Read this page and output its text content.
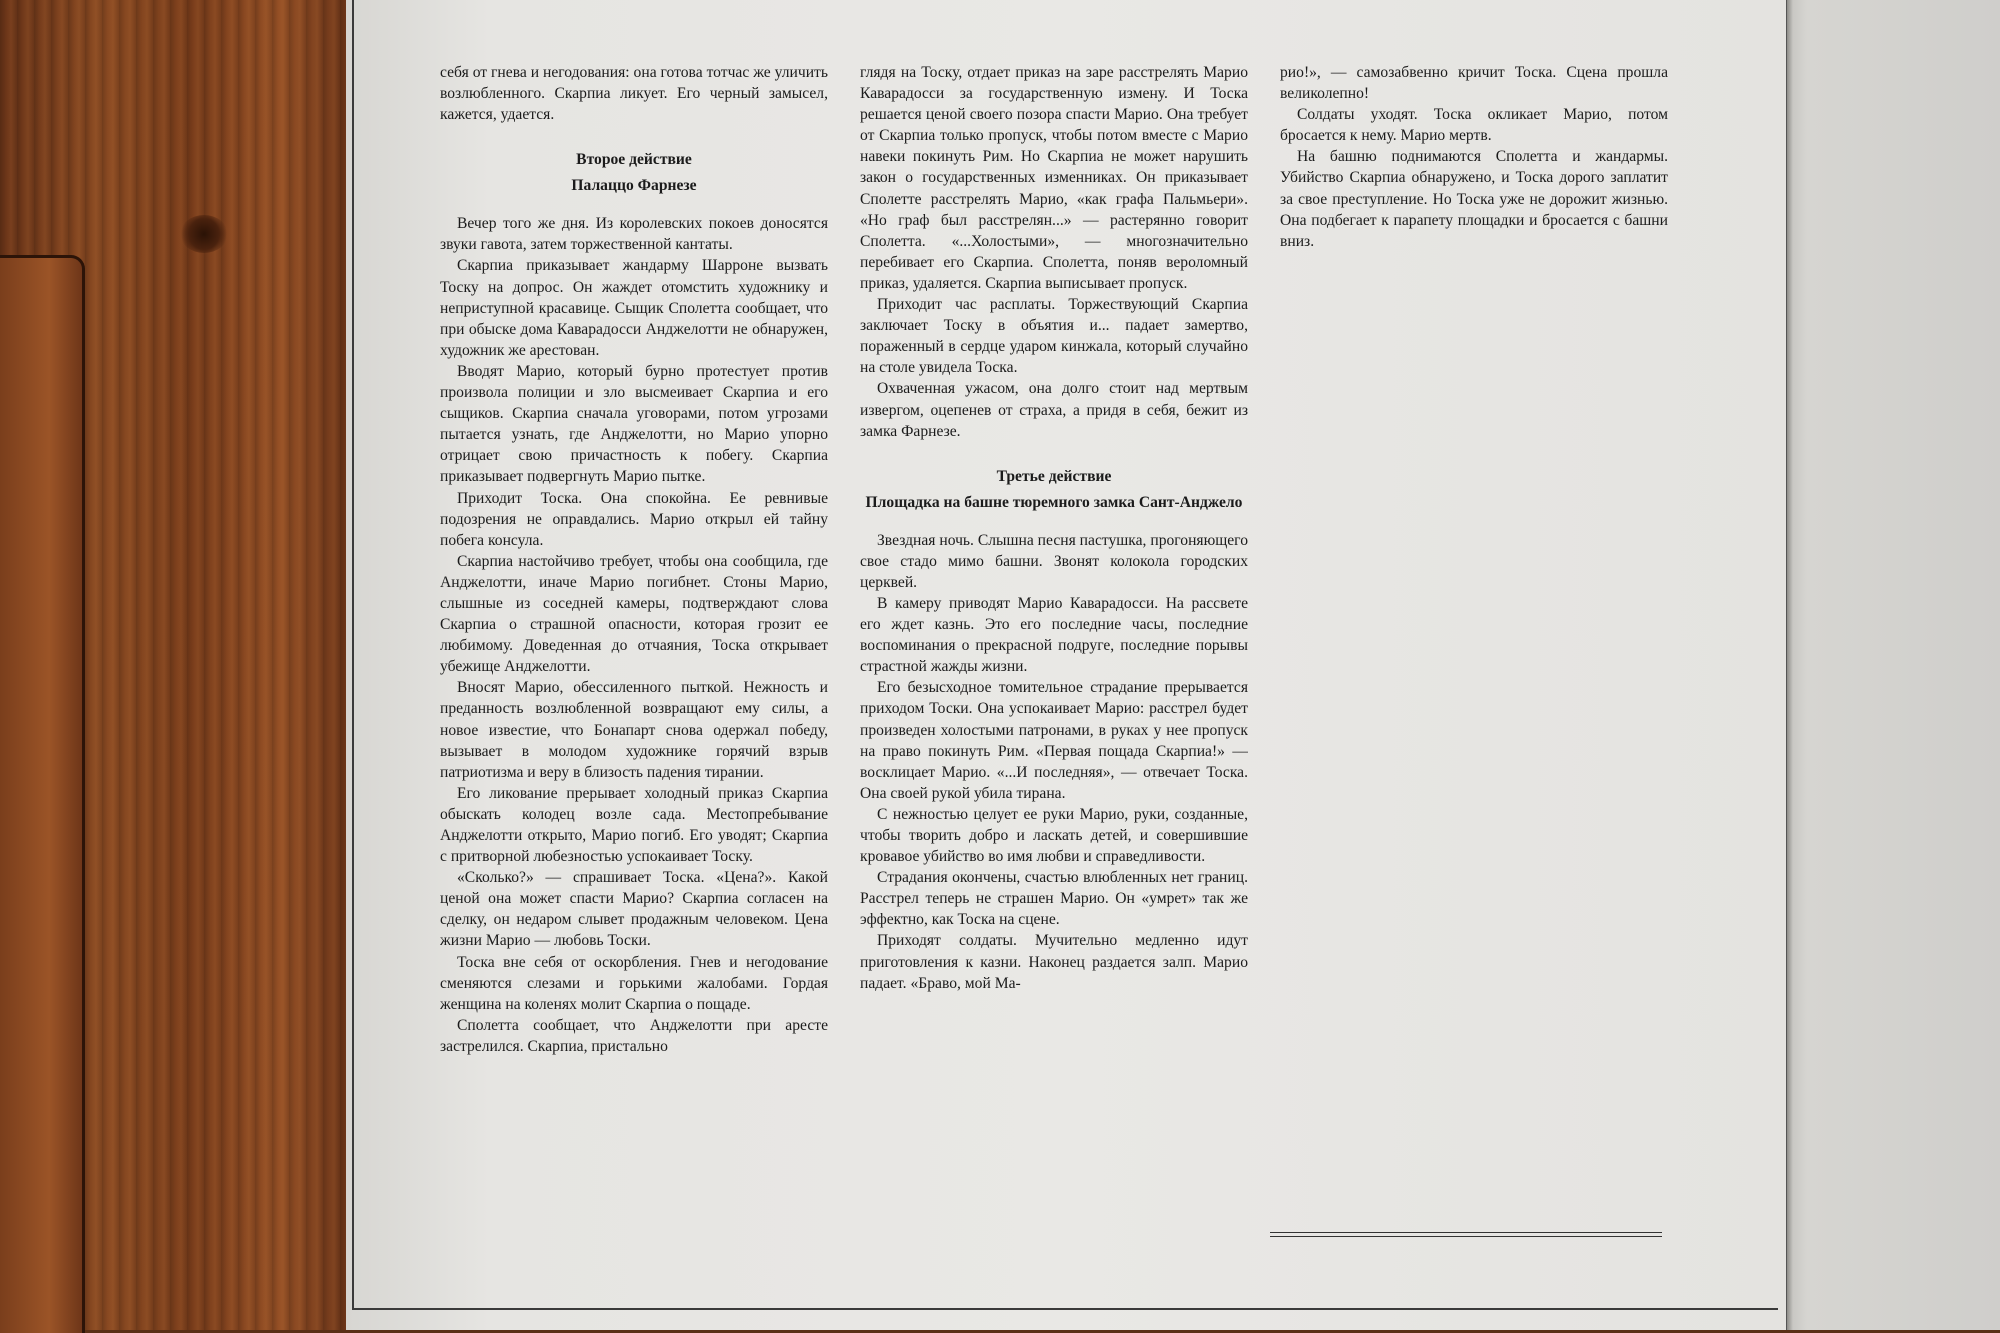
себя от гнева и негодования: она готова тотчас же уличить возлюбленного. Скарпиа ликует. Его черный замысел, кажется, удается.

Второе действие
Палаццо Фарнезе

Вечер того же дня. Из королевских покоев доносятся звуки гавота, затем торжественной кантаты.

Скарпиа приказывает жандарму Шарроне вызвать Тоску на допрос. Он жаждет отомстить художнику и неприступной красавице. Сыщик Сполетта сообщает, что при обыске дома Каварадосси Анджелотти не обнаружен, художник же арестован.

Вводят Марио, который бурно протестует против произвола полиции и зло высмеивает Скарпиа и его сыщиков. Скарпиа сначала уговорами, потом угрозами пытается узнать, где Анджелотти, но Марио упорно отрицает свою причастность к побегу. Скарпиа приказывает подвергнуть Марио пытке.

Приходит Тоска. Она спокойна. Ее ревнивые подозрения не оправдались. Марио открыл ей тайну побега консула.

Скарпиа настойчиво требует, чтобы она сообщила, где Анджелотти, иначе Марио погибнет. Стоны Марио, слышные из соседней камеры, подтверждают слова Скарпиа о страшной опасности, которая грозит ее любимому. Доведенная до отчаяния, Тоска открывает убежище Анджелотти.

Вносят Марио, обессиленного пыткой. Нежность и преданность возлюбленной возвращают ему силы, а новое известие, что Бонапарт снова одержал победу, вызывает в молодом художнике горячий взрыв патриотизма и веру в близость падения тирании.

Его ликование прерывает холодный приказ Скарпиа обыскать колодец возле сада. Местопребывание Анджелотти открыто, Марио погиб. Его уводят; Скарпиа с притворной любезностью успокаивает Тоску.

«Сколько?» — спрашивает Тоска. «Цена?». Какой ценой она может спасти Марио? Скарпиа согласен на сделку, он недаром слывет продажным человеком. Цена жизни Марио — любовь Тоски.

Тоска вне себя от оскорбления. Гнев и негодование сменяются слезами и горькими жалобами. Гордая женщина на коленях молит Скарпиа о пощаде.

Сполетта сообщает, что Анджелотти при аресте застрелился. Скарпиа, пристально

глядя на Тоску, отдает приказ на заре расстрелять Марио Каварадосси за государственную измену. И Тоска решается ценой своего позора спасти Марио. Она требует от Скарпиа только пропуск, чтобы потом вместе с Марио навеки покинуть Рим. Но Скарпиа не может нарушить закон о государственных изменниках. Он приказывает Сполетте расстрелять Марио, «как графа Пальмьери». «Но граф был расстрелян...» — растерянно говорит Сполетта. «...Холостыми», — многозначительно перебивает его Скарпиа. Сполетта, поняв вероломный приказ, удаляется. Скарпиа выписывает пропуск.

Приходит час расплаты. Торжествующий Скарпиа заключает Тоску в объятия и... падает замертво, пораженный в сердце ударом кинжала, который случайно на столе увидела Тоска.

Охваченная ужасом, она долго стоит над мертвым извергом, оцепенев от страха, а придя в себя, бежит из замка Фарнезе.

Третье действие
Площадка на башне тюремного замка Сант-Анджело

Звездная ночь. Слышна песня пастушка, прогоняющего свое стадо мимо башни. Звонят колокола городских церквей.

В камеру приводят Марио Каварадосси. На рассвете его ждет казнь. Это его последние часы, последние воспоминания о прекрасной подруге, последние порывы страстной жажды жизни.

Его безысходное томительное страдание прерывается приходом Тоски. Она успокаивает Марио: расстрел будет произведен холостыми патронами, в руках у нее пропуск на право покинуть Рим. «Первая пощада Скарпиа!» — восклицает Марио. «...И последняя», — отвечает Тоска. Она своей рукой убила тирана.

С нежностью целует ее руки Марио, руки, созданные, чтобы творить добро и ласкать детей, и совершившие кровавое убийство во имя любви и справедливости.

Страдания окончены, счастью влюбленных нет границ. Расстрел теперь не страшен Марио. Он «умрет» так же эффектно, как Тоска на сцене.

Приходят солдаты. Мучительно медленно идут приготовления к казни. Наконец раздается залп. Марио падает. «Браво, мой Ма-

рио!», — самозабвенно кричит Тоска. Сцена прошла великолепно!

Солдаты уходят. Тоска окликает Марио, потом бросается к нему. Марио мертв.

На башню поднимаются Сполетта и жандармы. Убийство Скарпиа обнаружено, и Тоска дорого заплатит за свое преступление. Но Тоска уже не дорожит жизнью. Она подбегает к парапету площадки и бросается с башни вниз.
